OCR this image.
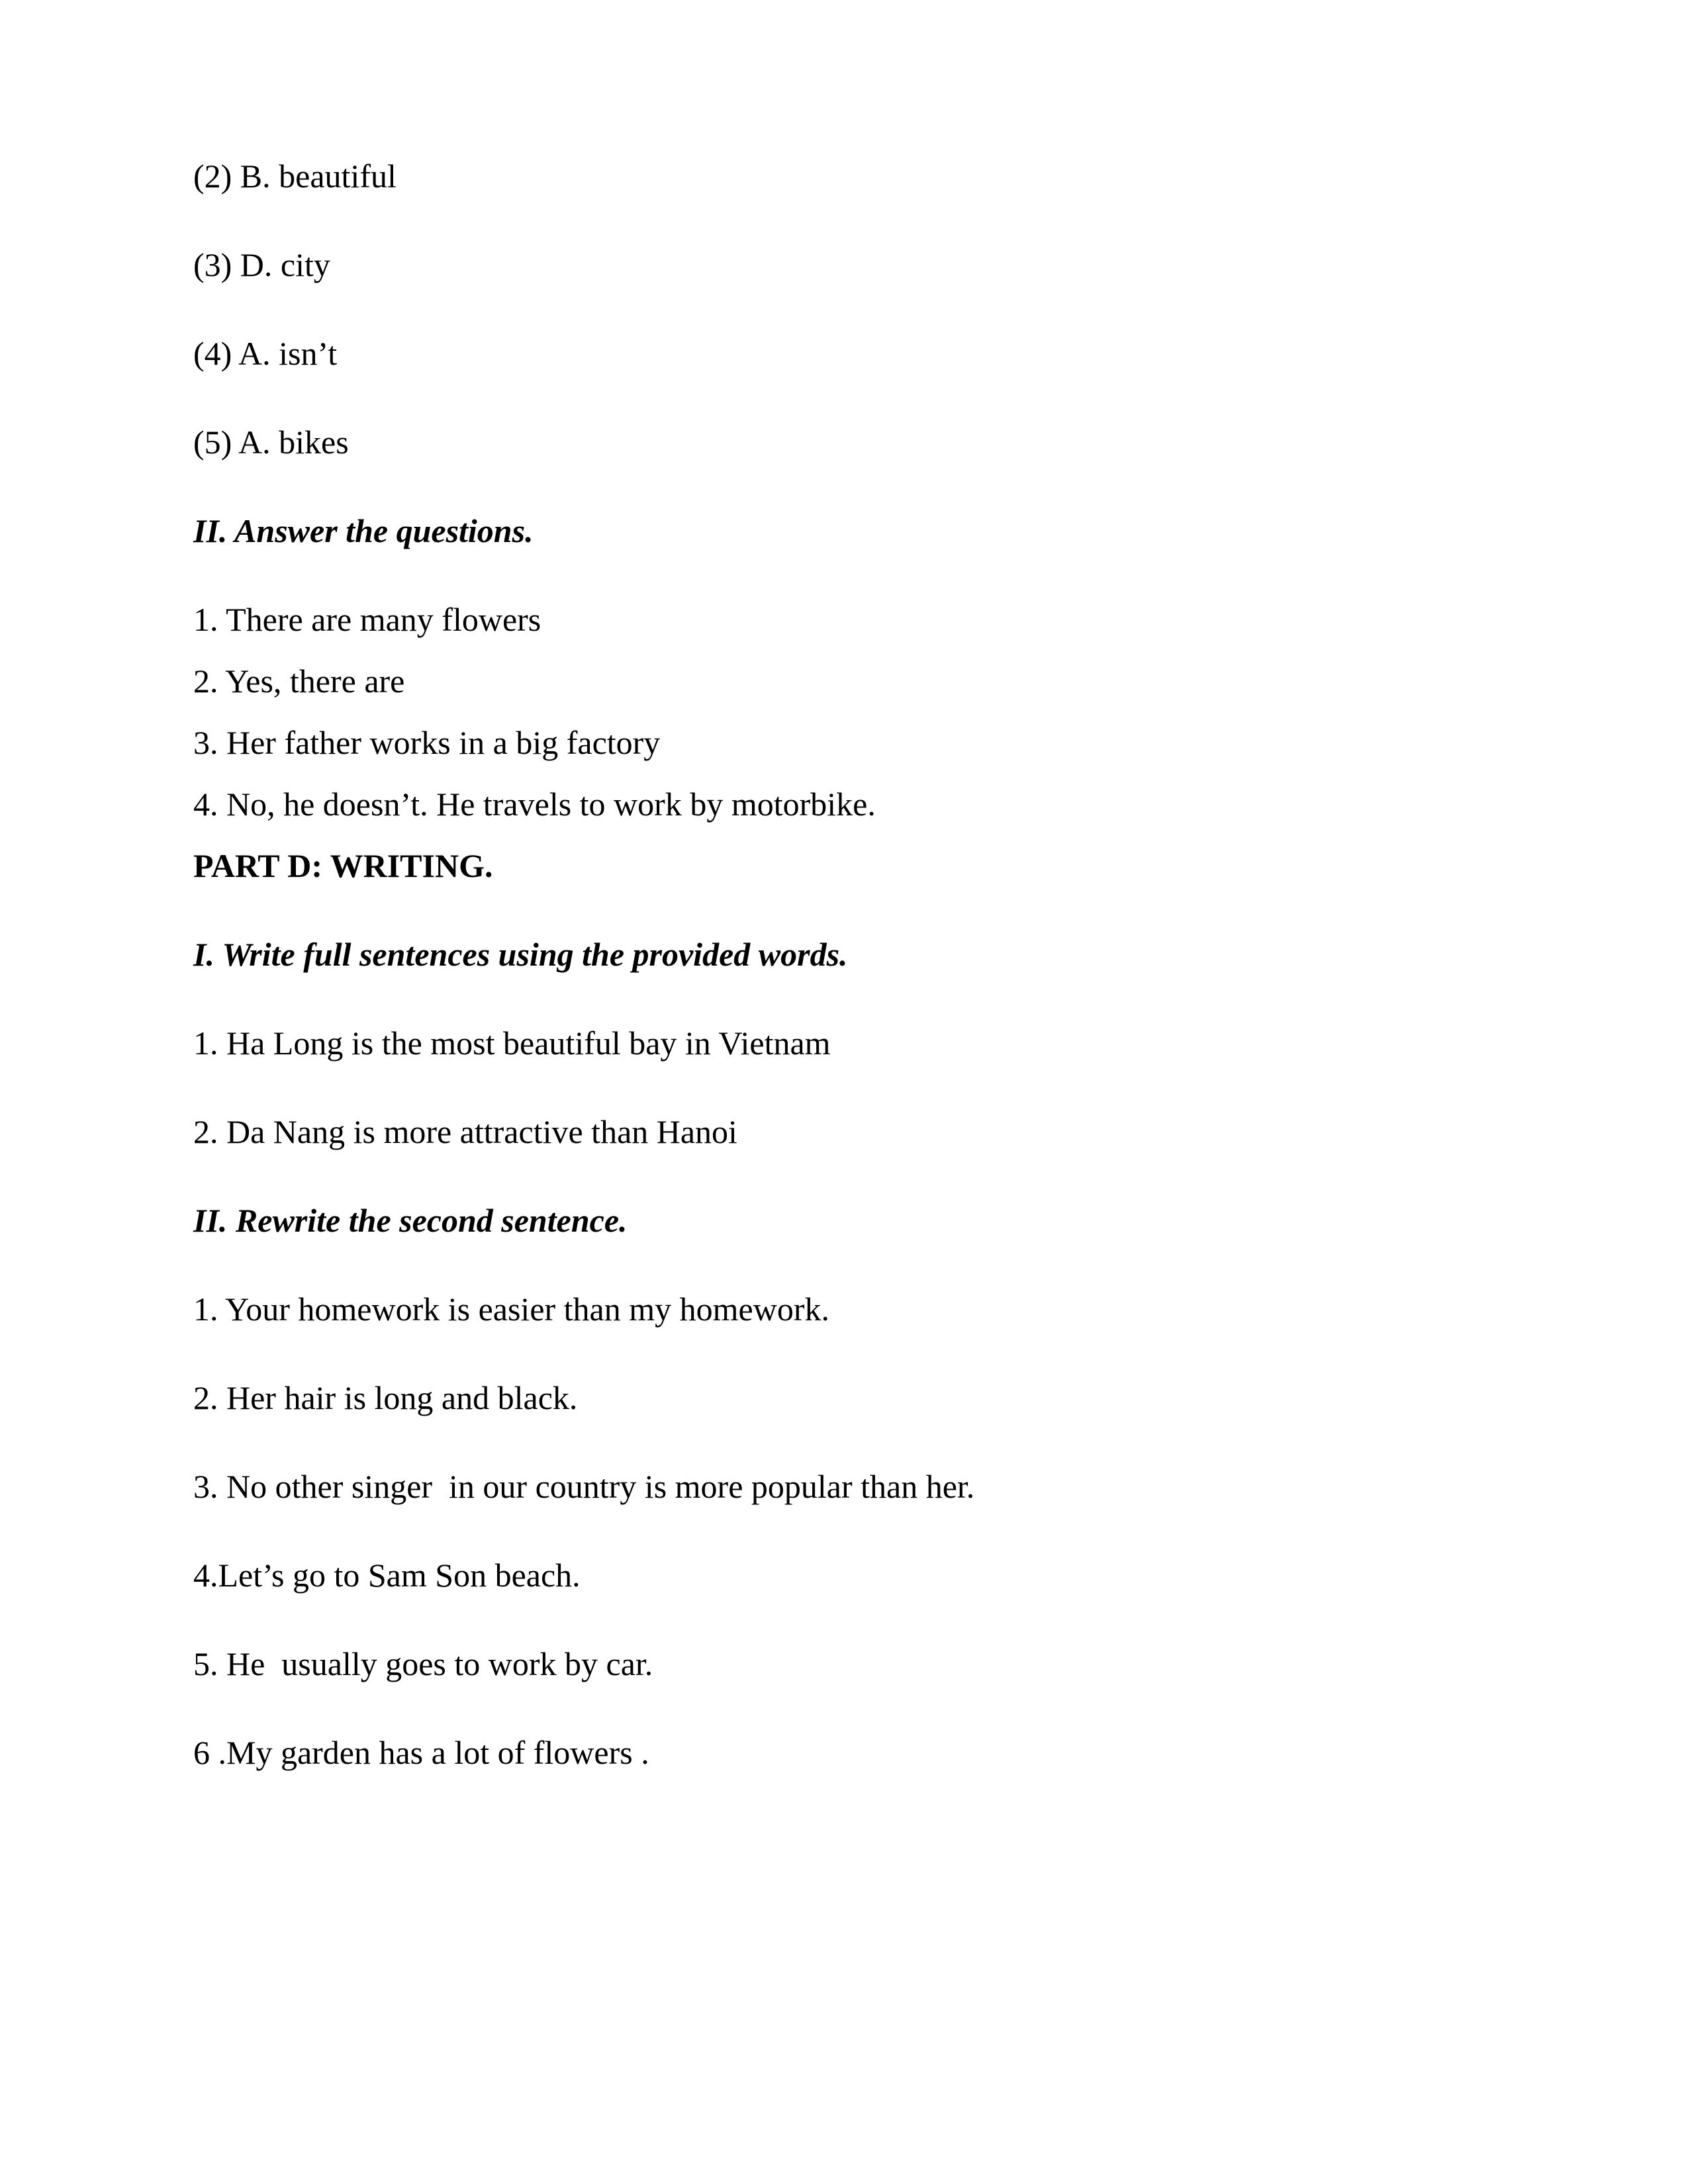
(2) B. beautiful
(3) D. city
(4) A. isn’t
(5) A. bikes
II. Answer the questions.
1. There are many flowers
2. Yes, there are
3. Her father works in a big factory
4. No, he doesn’t. He travels to work by motorbike.
PART D: WRITING.
I. Write full sentences using the provided words.
1. Ha Long is the most beautiful bay in Vietnam
2. Da Nang is more attractive than Hanoi
II. Rewrite the second sentence.
1. Your homework is easier than my homework.
2. Her hair is long and black.
3. No other singer  in our country is more popular than her.
4.Let’s go to Sam Son beach.
5. He  usually goes to work by car.
6 .My garden has a lot of flowers .
